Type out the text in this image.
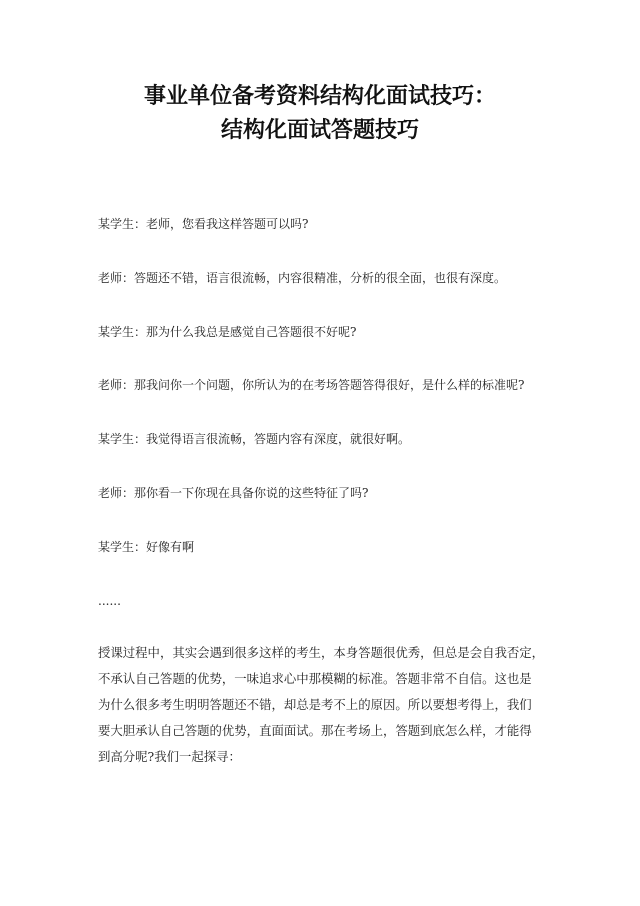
事业单位备考资料结构化面试技巧：
结构化面试答题技巧
某学生：老师，您看我这样答题可以吗?
老师：答题还不错，语言很流畅，内容很精准，分析的很全面，也很有深度。
某学生：那为什么我总是感觉自己答题很不好呢?
老师：那我问你一个问题，你所认为的在考场答题答得很好，是什么样的标准呢?
某学生：我觉得语言很流畅，答题内容有深度，就很好啊。
老师：那你看一下你现在具备你说的这些特征了吗?
某学生：好像有啊
......
授课过程中，其实会遇到很多这样的考生，本身答题很优秀，但总是会自我否定，
不承认自己答题的优势，一味追求心中那模糊的标准。答题非常不自信。这也是
为什么很多考生明明答题还不错，却总是考不上的原因。所以要想考得上，我们
要大胆承认自己答题的优势，直面面试。那在考场上，答题到底怎么样，才能得
到高分呢?我们一起探寻：
